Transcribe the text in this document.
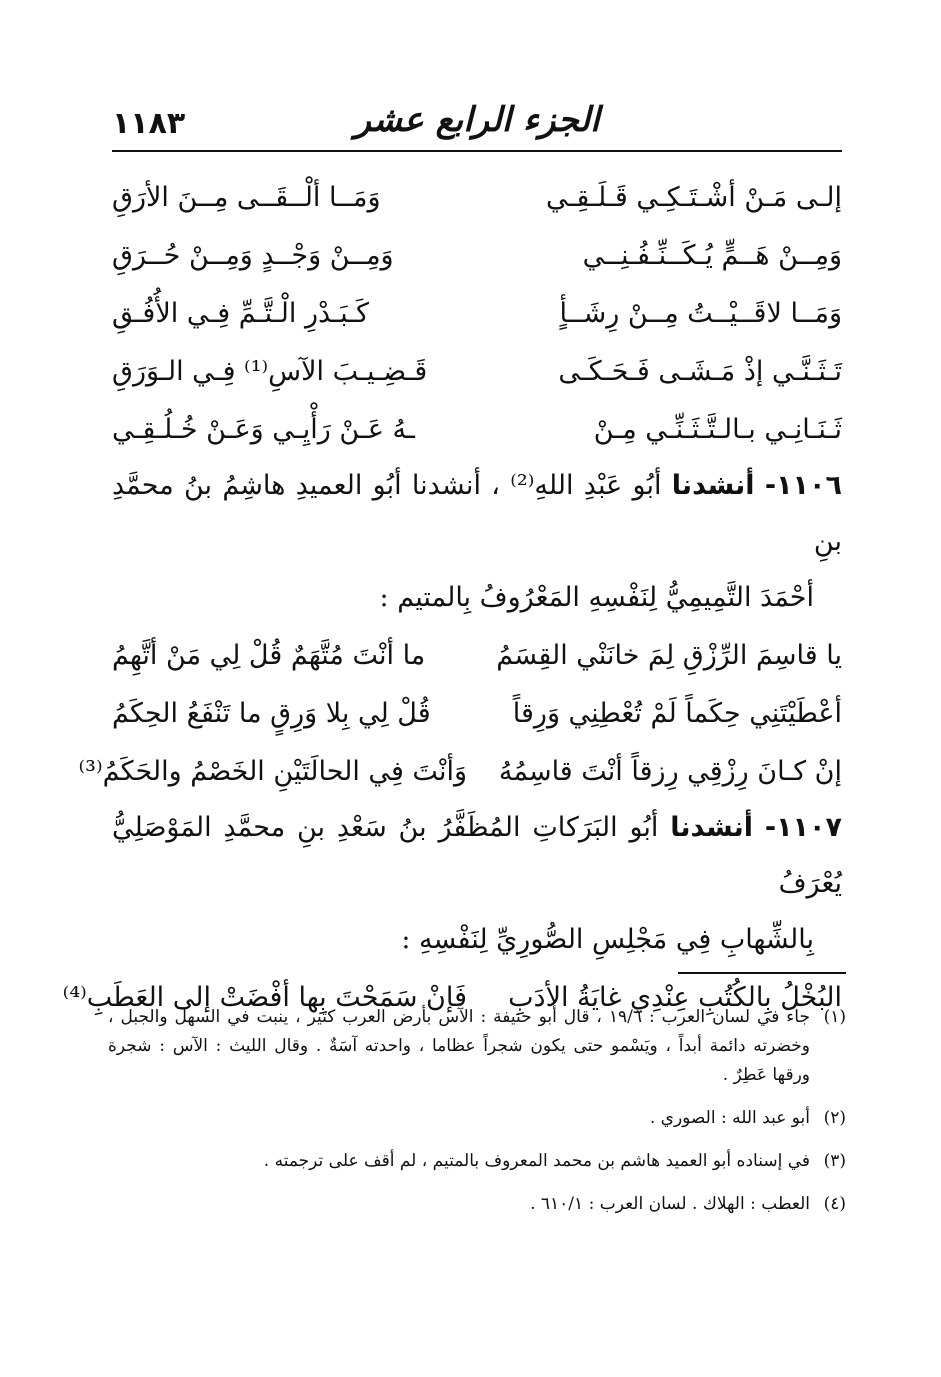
١١٨٣	الجزء الرابع عشر
إلـى مَـنْ أشْـتَـكِـي قَـلَـقِـي
وَمَــا ألْــقَــى مِــنَ الأرَقِ
وَمِــنْ هَــمٍّ يُـكَــنِّـفُـنِــي
وَمِــنْ وَجْــدٍ وَمِــنْ حُــرَقِ
وَمَــا لاقَــيْــتُ مِــنْ رِشَــأٍ
كَـبَـدْرِ الْـتَّـمِّ فِـي الأُفُـقِ
تَـثَـنَّـي إذْ مَـشَـى فَـحَـكَـى
قَـضِـيـبَ الآسِ⁽¹⁾ فِـي الـوَرَقِ
ثَـنَـانِـي بـالـتَّـثَـنِّـي مِـنْ
ـهُ عَـنْ رَأْيِـي وَعَـنْ خُـلُـقِـي

١١٠٦- أنشدنا أبُو عَبْدِ اللهِ⁽²⁾ ، أنشدنا أبُو العميدِ هاشِمُ بنُ محمَّدِ بنِ

أحْمَدَ التَّمِيمِيُّ لِنَفْسِهِ المَعْرُوفُ بِالمتيم :

يا قاسِمَ الرِّزْقِ لِمَ خانَنْي القِسَمُ
ما أنْتَ مُتَّهَمٌ قُلْ لِي مَنْ أتَّهِمُ
أعْطَيْتَنِي حِكَماً لَمْ تُعْطِنِي وَرِقاً
قُلْ لِي بِلا وَرِقٍ ما تَنْفَعُ الحِكَمُ
إنْ كـانَ رِزْقِي رِزقاً أنْتَ قاسِمُهُ
وَأنْتَ فِي الحالَتَيْنِ الخَصْمُ والحَكَمُ⁽³⁾

١١٠٧- أنشدنا أبُو البَرَكاتِ المُظَفَّرُ بنُ سَعْدِ بنِ محمَّدِ المَوْصَلِيُّ يُعْرَفُ

بِالشِّهابِ فِي مَجْلِسِ الصُّورِيِّ لِنَفْسِهِ :

البُخْلُ بِالكُتُبِ عِنْدِي غايَةُ الأدَبِ
فَإنْ سَمَحْتَ بِها أفْضَتْ إلى العَطَبِ⁽⁴⁾
(١)
جاء في لسان العرب : ١٩/٦ ، قال أبو حنيفة : الآس بأرض العرب كثير ، ينبت في السهل والجبل ، وخضرته دائمة أبداً ، ويَسْمو حتى يكون شجراً عظاما ، واحدته آسَةٌ . وقال الليث : الآس : شجرة ورقها عَطِرٌ .
(٢)
أبو عبد الله : الصوري .
(٣)
في إسناده أبو العميد هاشم بن محمد المعروف بالمتيم ، لم أقف على ترجمته .
(٤)
العطب : الهلاك . لسان العرب : ٦١٠/١ .
